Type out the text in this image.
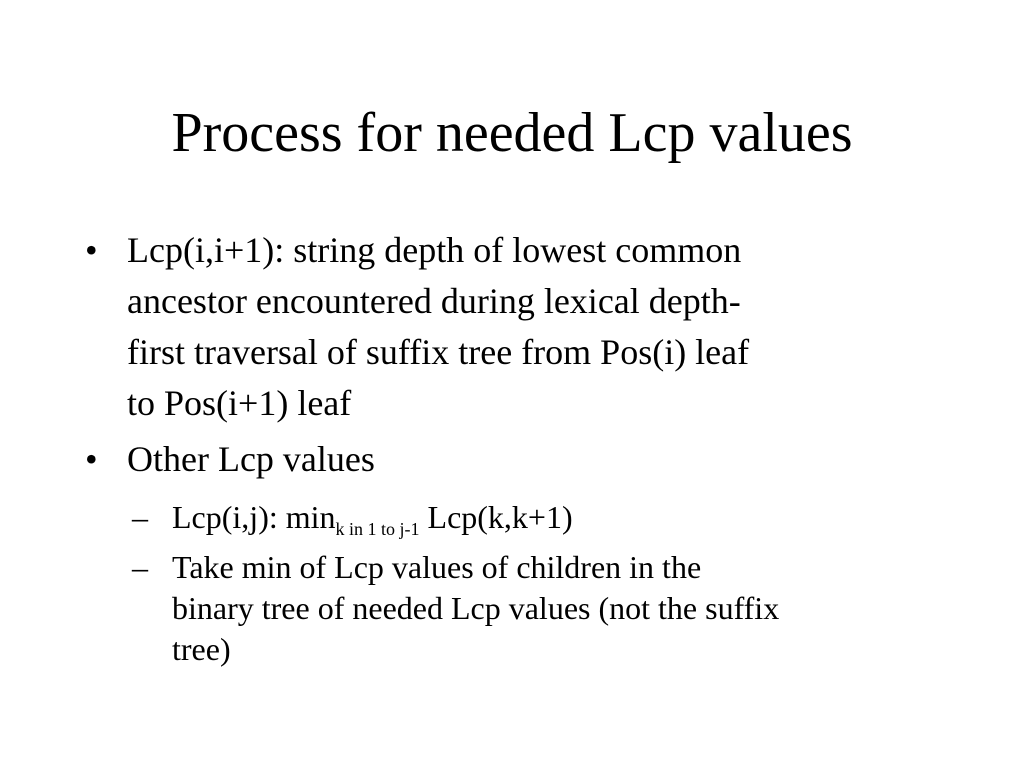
Process for needed Lcp values
• Lcp(i,i+1): string depth of lowest common
ancestor encountered during lexical depth-
first traversal of suffix tree from Pos(i) leaf
to Pos(i+1) leaf
• Other Lcp values
– Lcp(i,j): $\min_{k in 1 to j-1} Lcp(k,k+1)$
– Take min of Lcp values of children in the
binary tree of needed Lcp values (not the suffix
tree)
